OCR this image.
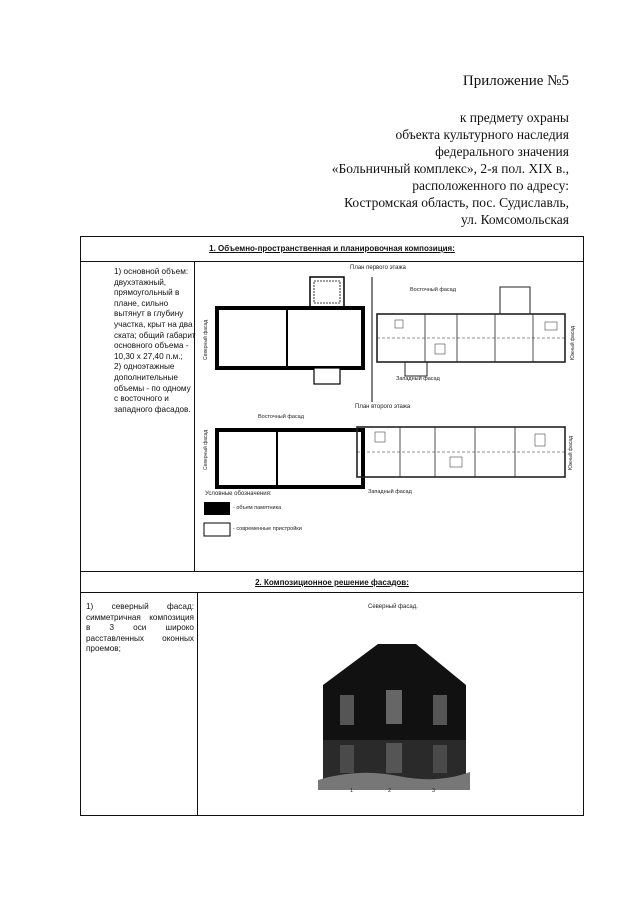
Приложение №5
к предмету охраны
объекта культурного наследия
федерального значения
«Больничный комплекс», 2-я пол. XIX в.,
расположенного по адресу:
Костромская область, пос. Судиславль,
ул. Комсомольская
1. Объемно-пространственная и планировочная композиция:
1) основной объем: двухэтажный, прямоугольный в плане, сильно вытянут в глубину участка, крыт на два ската; общий габарит основного объема - 10,30 х 27,40 п.м.;
2) одноэтажные дополнительные объемы - по одному с восточного и западного фасадов.
2. Композиционное решение фасадов:
1) северный фасад: симметричная композиция в 3 оси широко расставленных оконных проемов;
План первого этажа
Восточный фасад
Западный фасад
План второго этажа
Восточный фасад
Западный фасад
Северный фасад	Южный фасад
Северный фасад	Южный фасад
Условные обозначения:
- объем памятника
- современные пристройки
Северный фасад.
1	2	3
